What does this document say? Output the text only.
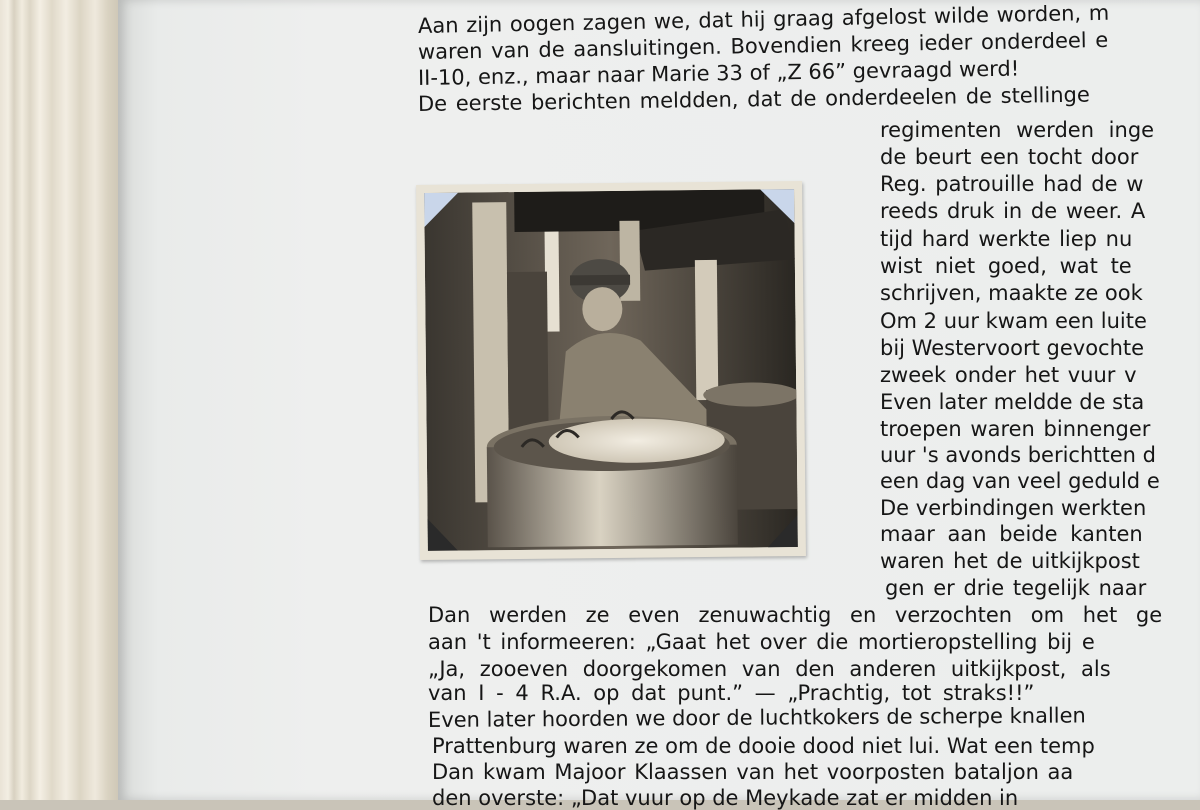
Aan zijn oogen zagen we, dat hij graag afgelost wilde worden, m
waren van de aansluitingen. Bovendien kreeg ieder onderdeel e
II-10, enz., maar naar Marie 33 of „Z 66” gevraagd werd!
De eerste berichten meldden, dat de onderdeelen de stellinge
regimenten werden inge
de beurt een tocht door
Reg. patrouille had de w
reeds druk in de weer. A
tijd hard werkte liep nu
wist niet goed, wat te
schrijven, maakte ze ook
Om 2 uur kwam een luite
bij Westervoort gevochte
zweek onder het vuur v
Even later meldde de sta
troepen waren binnenger
uur 's avonds berichtten d
een dag van veel geduld e
De verbindingen werkten
maar aan beide kanten
waren het de uitkijkpost
gen er drie tegelijk naar
Dan werden ze even zenuwachtig en verzochten om het ge
aan 't informeeren: „Gaat het over die mortieropstelling bij e
„Ja, zooeven doorgekomen van den anderen uitkijkpost, als
van I - 4 R.A. op dat punt.” — „Prachtig, tot straks!!”
Even later hoorden we door de luchtkokers de scherpe knallen
Prattenburg waren ze om de dooie dood niet lui. Wat een temp
Dan kwam Majoor Klaassen van het voorposten bataljon aa
den overste: „Dat vuur op de Meykade zat er midden in
